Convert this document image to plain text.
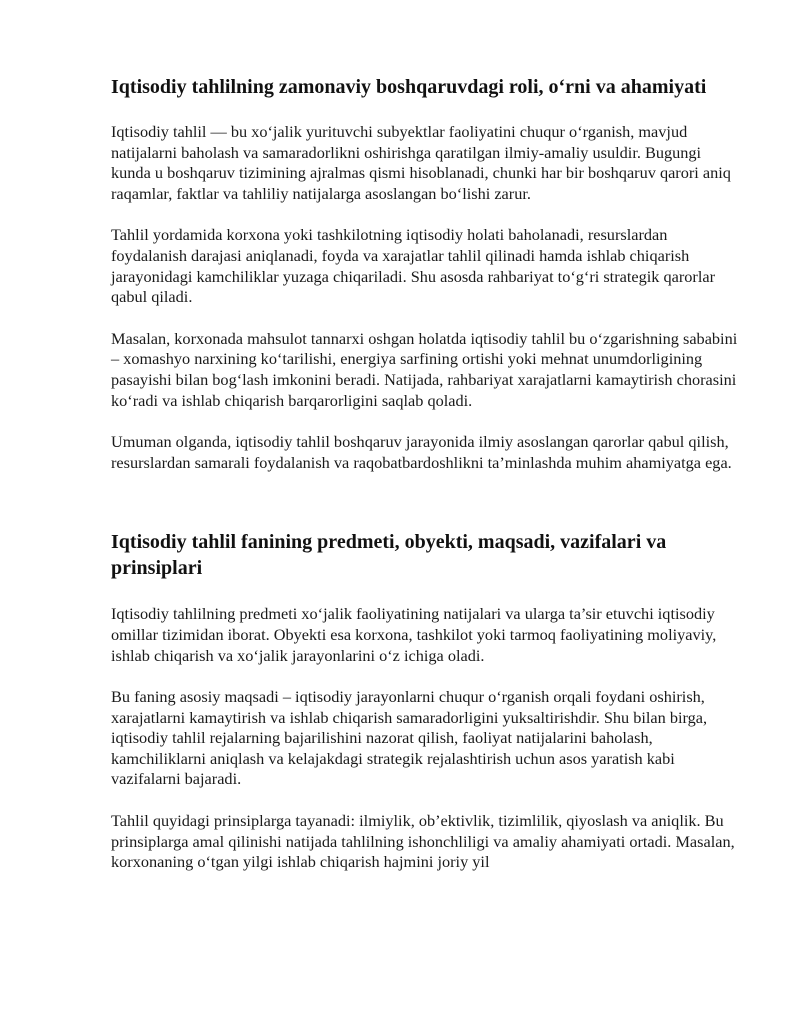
Iqtisodiy tahlilning zamonaviy boshqaruvdagi roli, o‘rni va ahamiyati

Iqtisodiy tahlil — bu xo‘jalik yurituvchi subyektlar faoliyatini chuqur o‘rganish, mavjud natijalarni baholash va samaradorlikni oshirishga qaratilgan ilmiy-amaliy usuldir. Bugungi kunda u boshqaruv tizimining ajralmas qismi hisoblanadi, chunki har bir boshqaruv qarori aniq raqamlar, faktlar va tahliliy natijalarga asoslangan bo‘lishi zarur.

Tahlil yordamida korxona yoki tashkilotning iqtisodiy holati baholanadi, resurslardan foydalanish darajasi aniqlanadi, foyda va xarajatlar tahlil qilinadi hamda ishlab chiqarish jarayonidagi kamchiliklar yuzaga chiqariladi. Shu asosda rahbariyat to‘g‘ri strategik qarorlar qabul qiladi.

Masalan, korxonada mahsulot tannarxi oshgan holatda iqtisodiy tahlil bu o‘zgarishning sababini – xomashyo narxining ko‘tarilishi, energiya sarfining ortishi yoki mehnat unumdorligining pasayishi bilan bog‘lash imkonini beradi. Natijada, rahbariyat xarajatlarni kamaytirish chorasini ko‘radi va ishlab chiqarish barqarorligini saqlab qoladi.

Umuman olganda, iqtisodiy tahlil boshqaruv jarayonida ilmiy asoslangan qarorlar qabul qilish, resurslardan samarali foydalanish va raqobatbardoshlikni ta’minlashda muhim ahamiyatga ega.

Iqtisodiy tahlil fanining predmeti, obyekti, maqsadi, vazifalari va prinsiplari

Iqtisodiy tahlilning predmeti xo‘jalik faoliyatining natijalari va ularga ta’sir etuvchi iqtisodiy omillar tizimidan iborat. Obyekti esa korxona, tashkilot yoki tarmoq faoliyatining moliyaviy, ishlab chiqarish va xo‘jalik jarayonlarini o‘z ichiga oladi.

Bu faning asosiy maqsadi – iqtisodiy jarayonlarni chuqur o‘rganish orqali foydani oshirish, xarajatlarni kamaytirish va ishlab chiqarish samaradorligini yuksaltirishdir. Shu bilan birga, iqtisodiy tahlil rejalarning bajarilishini nazorat qilish, faoliyat natijalarini baholash, kamchiliklarni aniqlash va kelajakdagi strategik rejalashtirish uchun asos yaratish kabi vazifalarni bajaradi.

Tahlil quyidagi prinsiplarga tayanadi: ilmiylik, ob’ektivlik, tizimlilik, qiyoslash va aniqlik. Bu prinsiplarga amal qilinishi natijada tahlilning ishonchliligi va amaliy ahamiyati ortadi. Masalan, korxonaning o‘tgan yilgi ishlab chiqarish hajmini joriy yil
